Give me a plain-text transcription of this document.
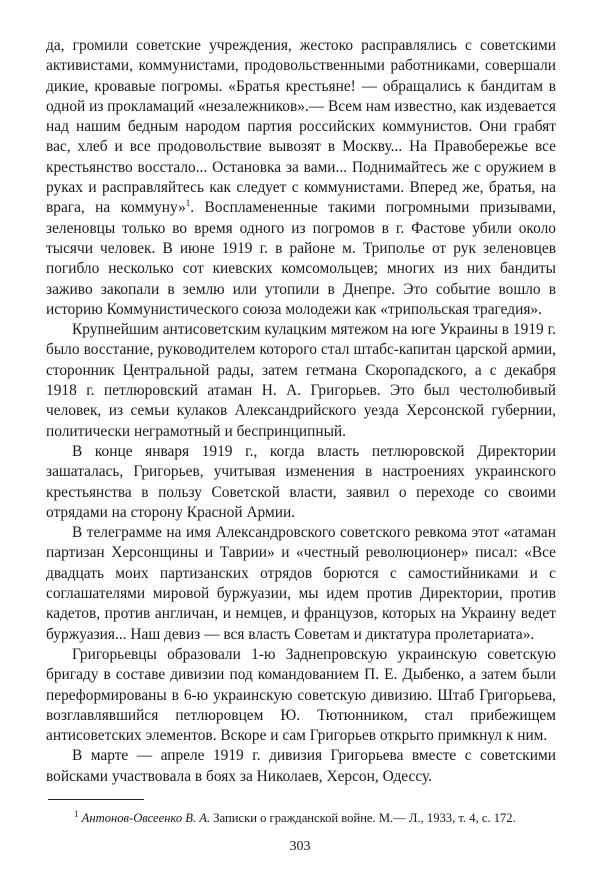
да, громили советские учреждения, жестоко расправлялись с советскими активистами, коммунистами, продовольственными работниками, совершали дикие, кровавые погромы. «Братья крестьяне! — обращались к бандитам в одной из прокламаций «незалежников».— Всем нам известно, как издевается над нашим бедным народом партия российских коммунистов. Они грабят вас, хлеб и все продовольствие вывозят в Москву... На Правобережье все крестьянство восстало... Остановка за вами... Поднимайтесь же с оружием в руках и расправляйтесь как следует с коммунистами. Вперед же, братья, на врага, на коммуну»$^1$. Воспламененные такими погромными призывами, зеленовцы только во время одного из погромов в г. Фастове убили около тысячи человек. В июне 1919 г. в районе м. Триполье от рук зеленовцев погибло несколько сот киевских комсомольцев; многих из них бандиты заживо закопали в землю или утопили в Днепре. Это событие вошло в историю Коммунистического союза молодежи как «трипольская трагедия».

Крупнейшим антисоветским кулацким мятежом на юге Украины в 1919 г. было восстание, руководителем которого стал штабс-капитан царской армии, сторонник Центральной рады, затем гетмана Скоропадского, а с декабря 1918 г. петлюровский атаман Н. А. Григорьев. Это был честолюбивый человек, из семьи кулаков Александрийского уезда Херсонской губернии, политически неграмотный и беспринципный.

В конце января 1919 г., когда власть петлюровской Директории зашаталась, Григорьев, учитывая изменения в настроениях украинского крестьянства в пользу Советской власти, заявил о переходе со своими отрядами на сторону Красной Армии.

В телеграмме на имя Александровского советского ревкома этот «атаман партизан Херсонщины и Таврии» и «честный революционер» писал: «Все двадцать моих партизанских отрядов борются с самостийниками и с соглашателями мировой буржуазии, мы идем против Директории, против кадетов, против англичан, и немцев, и французов, которых на Украину ведет буржуазия... Наш девиз — вся власть Советам и диктатура пролетариата».

Григорьевцы образовали 1-ю Заднепровскую украинскую советскую бригаду в составе дивизии под командованием П. Е. Дыбенко, а затем были переформированы в 6-ю украинскую советскую дивизию. Штаб Григорьева, возглавлявшийся петлюровцем Ю. Тютюнником, стал прибежищем антисоветских элементов. Вскоре и сам Григорьев открыто примкнул к ним.

В марте — апреле 1919 г. дивизия Григорьева вместе с советскими войсками участвовала в боях за Николаев, Херсон, Одессу.

$^1$ Антонов-Овсеенко В. А. Записки о гражданской войне. М.— Л., 1933, т. 4, с. 172.

303
